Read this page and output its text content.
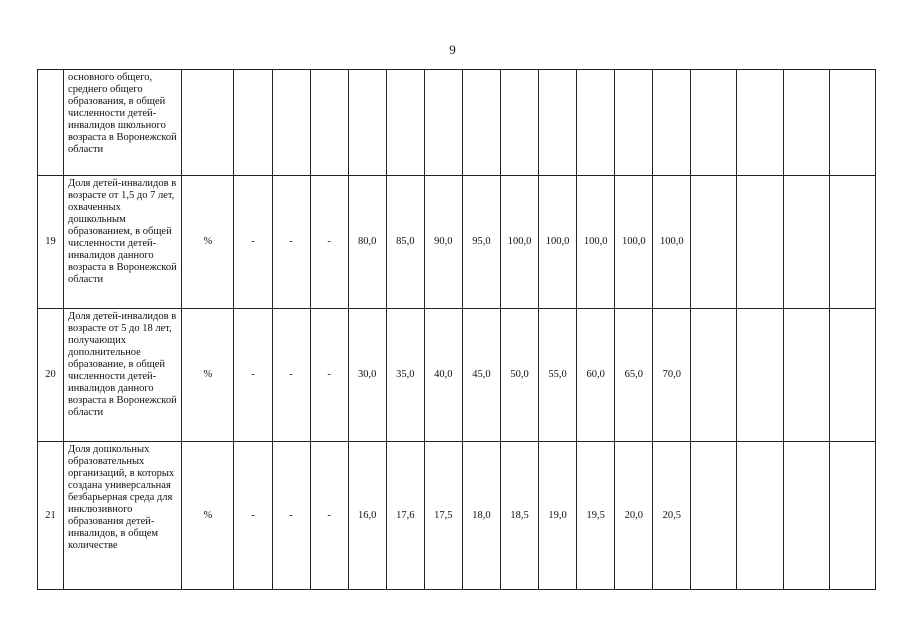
9
	основного общего, среднего общего образования, в общей численности детей-инвалидов школьного возраста в Воронежской области																	
19	Доля детей-инвалидов в возрасте от 1,5 до 7 лет, охваченных дошкольным образованием, в общей численности детей-инвалидов данного возраста в Воронежской области	%	-	-	-	80,0	85,0	90,0	95,0	100,0	100,0	100,0	100,0	100,0				
20	Доля детей-инвалидов в возрасте от 5 до 18 лет, получающих дополнительное образование, в общей численности детей-инвалидов данного возраста в Воронежской области	%	-	-	-	30,0	35,0	40,0	45,0	50,0	55,0	60,0	65,0	70,0				
21	Доля дошкольных образовательных организаций, в которых создана универсальная безбарьерная среда для инклюзивного образования детей-инвалидов, в общем количестве	%	-	-	-	16,0	17,6	17,5	18,0	18,5	19,0	19,5	20,0	20,5				
